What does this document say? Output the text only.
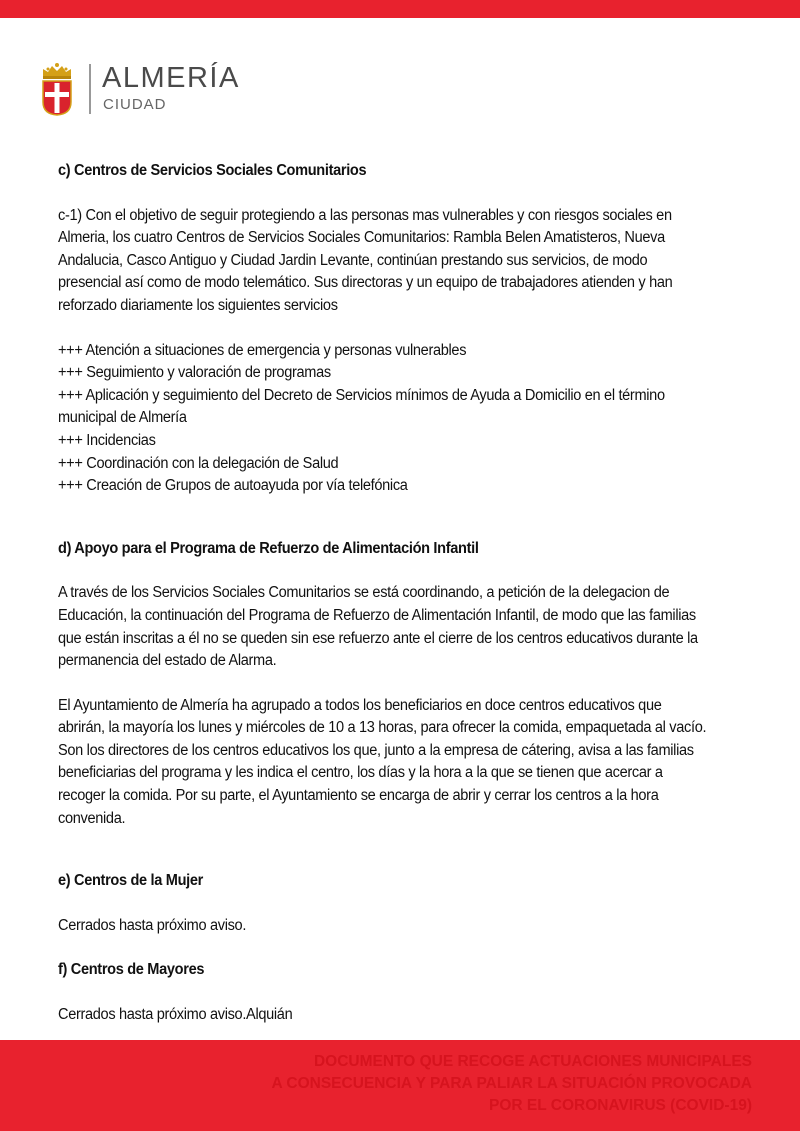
ALMERÍA
CIUDAD

c) Centros de Servicios Sociales Comunitarios

c-1) Con el objetivo de seguir protegiendo a las personas mas vulnerables y con riesgos sociales en Almeria, los cuatro Centros de Servicios Sociales Comunitarios: Rambla Belen Amatisteros, Nueva Andalucia, Casco Antiguo y Ciudad Jardin Levante, continúan prestando sus servicios, de modo presencial así como de modo telemático. Sus directoras y un equipo de trabajadores atienden y han reforzado diariamente los siguientes servicios

+++ Atención a situaciones de emergencia y personas vulnerables

+++ Seguimiento y valoración de programas

+++ Aplicación y seguimiento del Decreto de Servicios mínimos de Ayuda a Domicilio en el término municipal de Almería

+++ Incidencias

+++ Coordinación con la delegación de Salud

+++ Creación de Grupos de autoayuda por vía telefónica

d) Apoyo para el Programa de Refuerzo de Alimentación Infantil

A través de los Servicios Sociales Comunitarios se está coordinando, a petición de la delegacion de Educación, la continuación del Programa de Refuerzo de Alimentación Infantil, de modo que las familias que están inscritas a él no se queden sin ese refuerzo ante el cierre de los centros educativos durante la permanencia del estado de Alarma.

El Ayuntamiento de Almería ha agrupado a todos los beneficiarios en doce centros educativos que abrirán, la mayoría los lunes y miércoles de 10 a 13 horas, para ofrecer la comida, empaquetada al vacío. Son los directores de los centros educativos los que, junto a la empresa de cátering, avisa a las familias beneficiarias del programa y les indica el centro, los días y la hora a la que se tienen que acercar a recoger la comida. Por su parte, el Ayuntamiento se encarga de abrir y cerrar los centros a la hora convenida.

e) Centros de la Mujer

Cerrados hasta próximo aviso.

f) Centros de Mayores

Cerrados hasta próximo aviso.Alquián

DOCUMENTO QUE RECOGE ACTUACIONES MUNICIPALES
A CONSECUENCIA Y PARA PALIAR LA SITUACIÓN PROVOCADA
POR EL CORONAVIRUS (COVID-19)
